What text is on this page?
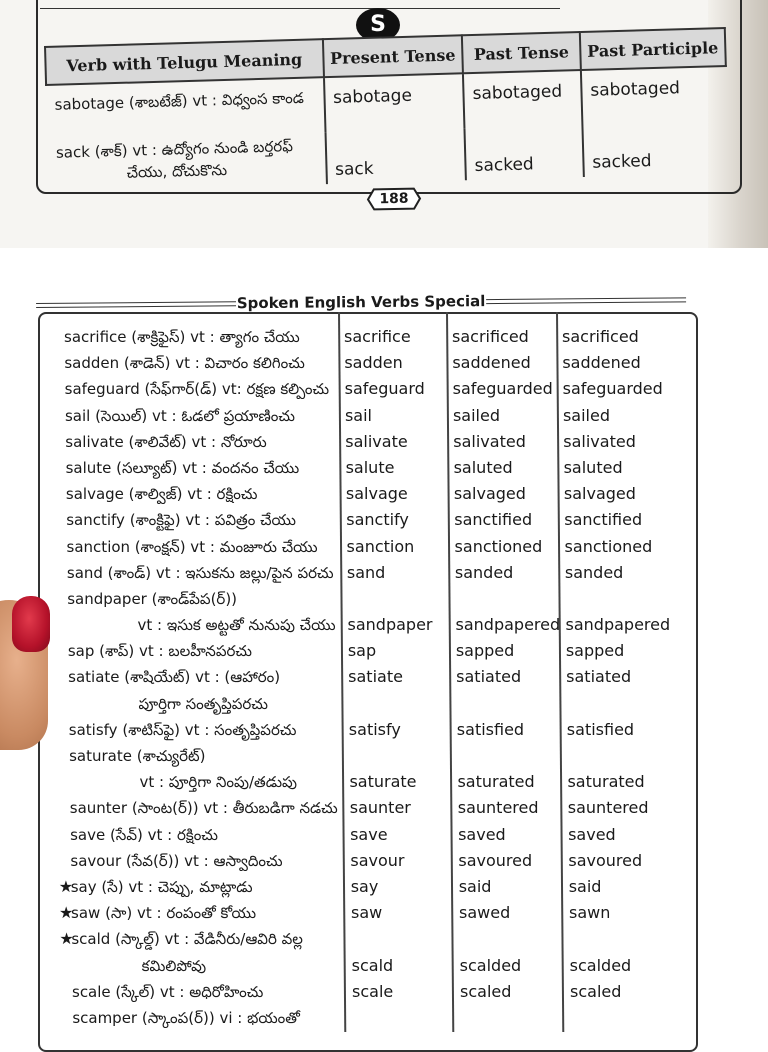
S
Verb with Telugu Meaning	Present Tense	Past Tense	Past Participle
sabotage (శాబటేజ్) vt : విధ్వంస కాండ	sabotage	sabotaged	sabotaged
sack (శాక్) vt : ఉద్యోగం నుండి బర్తరఫ్
చేయు, దోచుకొను	sack	sacked	sacked
188
Spoken English Verbs Special
sacrifice (శాక్రిఫైస్) vt : త్యాగం చేయు	sacrifice	sacrificed sacrificed
sadden (శాడెన్) vt : విచారం కలిగించు sadden	saddened saddened
safeguard (సేఫ్‌గార్(డ్) vt: రక్షణ కల్పించు safeguard safeguarded safeguarded
sail (సెయిల్) vt : ఓడలో ప్రయాణించు	sail	sailed	sailed
salivate (శాలివేట్) vt : నోరూరు	salivate	salivated salivated
salute (సల్యూట్) vt : వందనం చేయు	salute	saluted	saluted
salvage (శాల్విజ్) vt : రక్షించు	salvage	salvaged salvaged
sanctify (శాంక్టిఫై) vt : పవిత్రం చేయు	sanctify	sanctified sanctified
sanction (శాంక్షన్) vt : మంజూరు చేయు sanction	sanctioned sanctioned
sand (శాండ్) vt : ఇసుకను జల్లు/పైన పరచు sand	sanded	sanded
sandpaper (శాండ్‌పేప(ర్))
vt : ఇసుక అట్టతో నునుపు చేయు sandpaper sandpapered sandpapered
sap (శాప్) vt : బలహీనపరచు	sap	sapped	sapped
satiate (శాషియేట్) vt : (ఆహారం)	satiate	satiated	satiated
పూర్తిగా సంతృప్తిపరచు
satisfy (శాటిస్‌ఫై) vt : సంతృప్తిపరచు	satisfy	satisfied	satisfied
saturate (శాచ్యురేట్)
vt : పూర్తిగా నింపు/తడుపు	saturate	saturated saturated
saunter (సాంట(ర్)) vt : తీరుబడిగా నడచు saunter	sauntered sauntered
save (సేవ్) vt : రక్షించు	save	saved	saved
savour (సేవ(ర్)) vt : ఆస్వాదించు	savour	savoured savoured
★
say (సే) vt : చెప్పు, మాట్లాడు	say	said	said
★
saw (సా) vt : రంపంతో కోయు	saw	sawed	sawn
★
scald (స్కాల్డ్) vt : వేడినీరు/ఆవిరి వల్ల
కమిలిపోవు	scald	scalded	scalded
scale (స్కేల్) vt : అధిరోహించు	scale	scaled	scaled
scamper (స్కాంప(ర్)) vi : భయంతో
